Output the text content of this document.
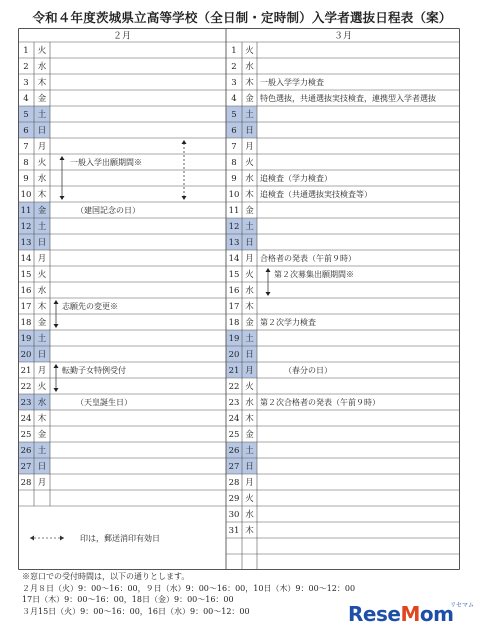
令和４年度茨城県立高等学校（全日制・定時制）入学者選抜日程表（案）
２月	３月
1 火
2 水
3 木
4 金
5 土
6 日
7 月
8 火	一般入学出願期間※
9 水
10 木
11 金	（建国記念の日）
12 土
13 日
14 月
15 火
16 水
17 木 志願先の変更※
18 金
19 土
20 日
21 月 転勤子女特例受付
22 火
23 水	（天皇誕生日）
24 木
25 金
26 土
27 日
28 月
1 火
2 水
3 木 一般入学学力検査
4 金 特色選抜，共通選抜実技検査，連携型入学者選抜
5 土
6 日
7 月
8 火
9 水 追検査（学力検査）
10 木 追検査（共通選抜実技検査等）
11 金
12 土
13 日
14 月 合格者の発表（午前９時）
15 火	第２次募集出願期間※
16 水
17 木
18 金 第２次学力検査
19 土
20 日
21 月	（春分の日）
22 火
23 水 第２次合格者の発表（午前９時）
24 木
25 金
26 土
27 日
28 月
29 火
30 水
31 木
印は，郵送消印有効日
※窓口での受付時間は，以下の通りとします。
２月８日（火）9：00～16：00，９日（水）9：00～16：00，10日（木）9：00～12：00
17日（木）9：00～16：00，18日（金）9：00～16：00
３月15日（火）9：00～16：00，16日（水）9：00～12：00	ReseMom
リセマム
